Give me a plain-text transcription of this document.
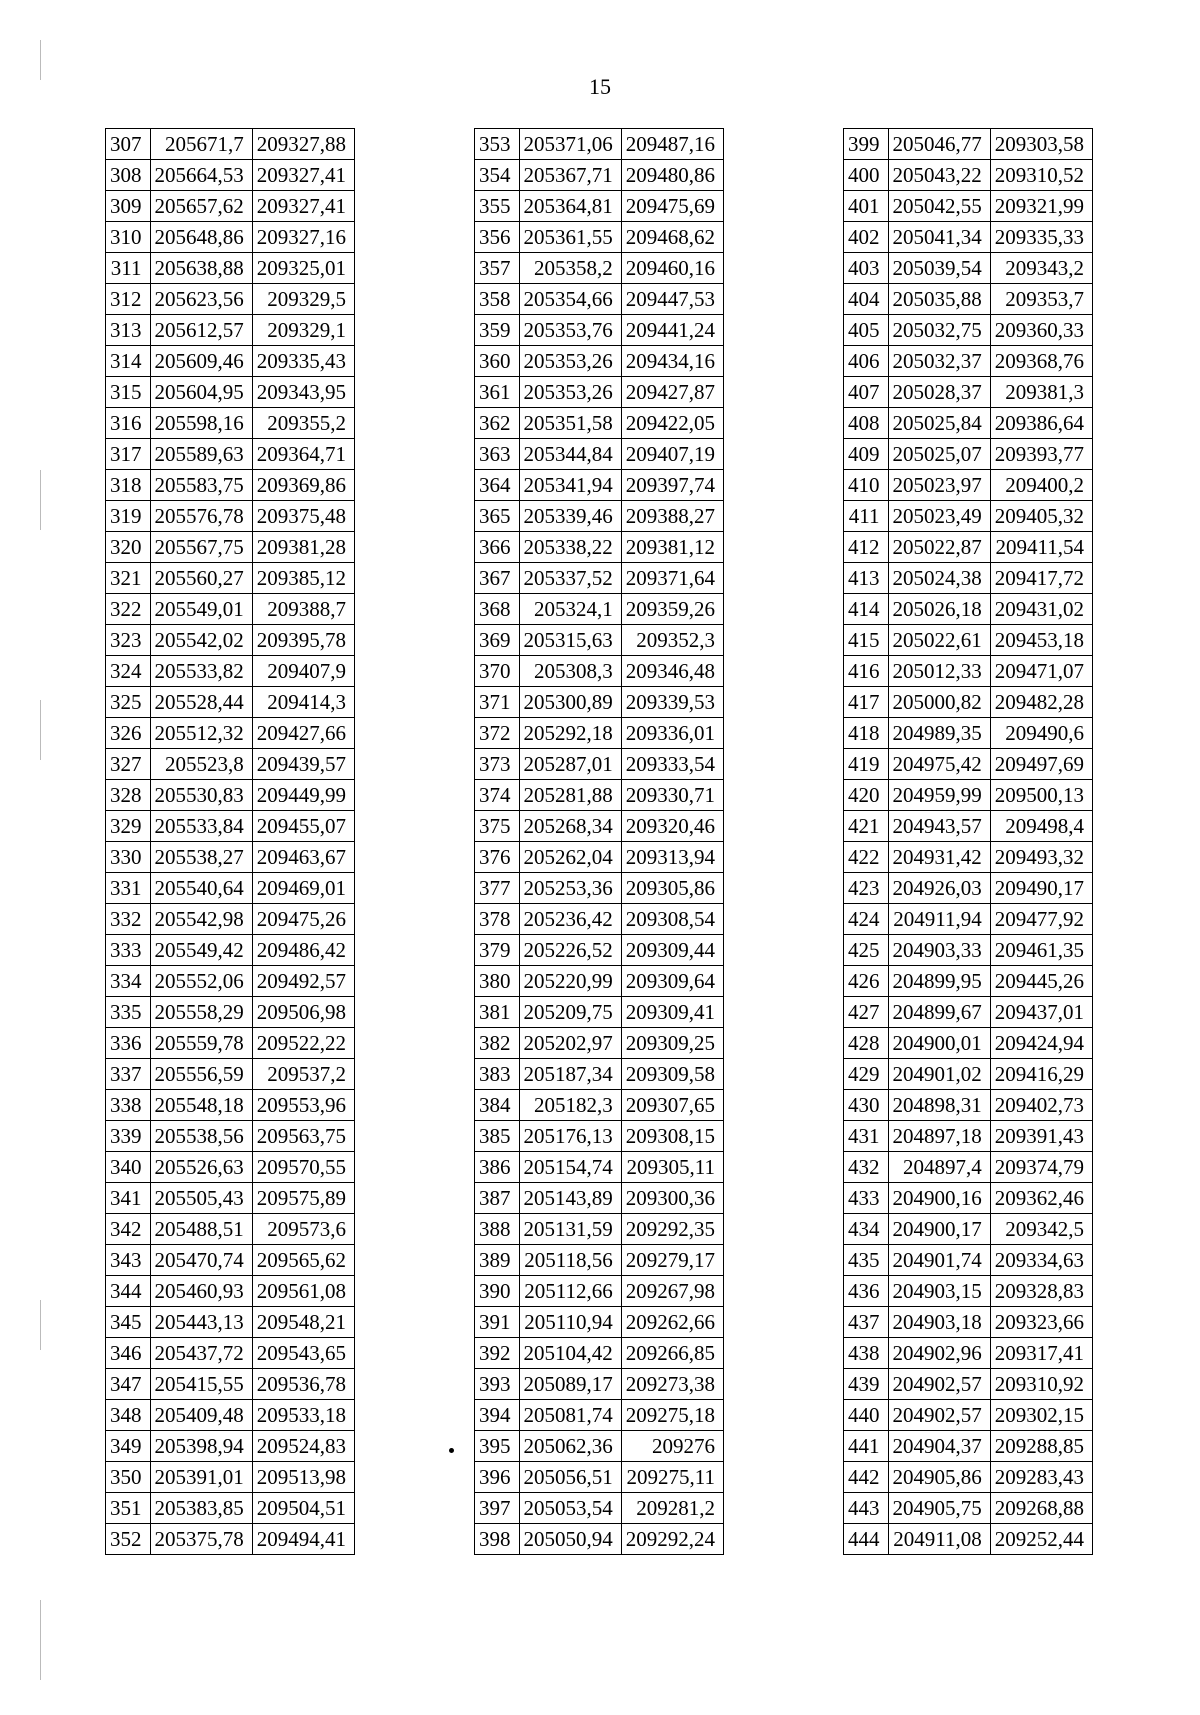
15
307	205671,7	209327,88
308	205664,53	209327,41
309	205657,62	209327,41
310	205648,86	209327,16
311	205638,88	209325,01
312	205623,56	209329,5
313	205612,57	209329,1
314	205609,46	209335,43
315	205604,95	209343,95
316	205598,16	209355,2
317	205589,63	209364,71
318	205583,75	209369,86
319	205576,78	209375,48
320	205567,75	209381,28
321	205560,27	209385,12
322	205549,01	209388,7
323	205542,02	209395,78
324	205533,82	209407,9
325	205528,44	209414,3
326	205512,32	209427,66
327	205523,8	209439,57
328	205530,83	209449,99
329	205533,84	209455,07
330	205538,27	209463,67
331	205540,64	209469,01
332	205542,98	209475,26
333	205549,42	209486,42
334	205552,06	209492,57
335	205558,29	209506,98
336	205559,78	209522,22
337	205556,59	209537,2
338	205548,18	209553,96
339	205538,56	209563,75
340	205526,63	209570,55
341	205505,43	209575,89
342	205488,51	209573,6
343	205470,74	209565,62
344	205460,93	209561,08
345	205443,13	209548,21
346	205437,72	209543,65
347	205415,55	209536,78
348	205409,48	209533,18
349	205398,94	209524,83
350	205391,01	209513,98
351	205383,85	209504,51
352	205375,78	209494,41
353	205371,06	209487,16
354	205367,71	209480,86
355	205364,81	209475,69
356	205361,55	209468,62
357	205358,2	209460,16
358	205354,66	209447,53
359	205353,76	209441,24
360	205353,26	209434,16
361	205353,26	209427,87
362	205351,58	209422,05
363	205344,84	209407,19
364	205341,94	209397,74
365	205339,46	209388,27
366	205338,22	209381,12
367	205337,52	209371,64
368	205324,1	209359,26
369	205315,63	209352,3
370	205308,3	209346,48
371	205300,89	209339,53
372	205292,18	209336,01
373	205287,01	209333,54
374	205281,88	209330,71
375	205268,34	209320,46
376	205262,04	209313,94
377	205253,36	209305,86
378	205236,42	209308,54
379	205226,52	209309,44
380	205220,99	209309,64
381	205209,75	209309,41
382	205202,97	209309,25
383	205187,34	209309,58
384	205182,3	209307,65
385	205176,13	209308,15
386	205154,74	209305,11
387	205143,89	209300,36
388	205131,59	209292,35
389	205118,56	209279,17
390	205112,66	209267,98
391	205110,94	209262,66
392	205104,42	209266,85
393	205089,17	209273,38
394	205081,74	209275,18
395	205062,36	209276
396	205056,51	209275,11
397	205053,54	209281,2
398	205050,94	209292,24
399	205046,77	209303,58
400	205043,22	209310,52
401	205042,55	209321,99
402	205041,34	209335,33
403	205039,54	209343,2
404	205035,88	209353,7
405	205032,75	209360,33
406	205032,37	209368,76
407	205028,37	209381,3
408	205025,84	209386,64
409	205025,07	209393,77
410	205023,97	209400,2
411	205023,49	209405,32
412	205022,87	209411,54
413	205024,38	209417,72
414	205026,18	209431,02
415	205022,61	209453,18
416	205012,33	209471,07
417	205000,82	209482,28
418	204989,35	209490,6
419	204975,42	209497,69
420	204959,99	209500,13
421	204943,57	209498,4
422	204931,42	209493,32
423	204926,03	209490,17
424	204911,94	209477,92
425	204903,33	209461,35
426	204899,95	209445,26
427	204899,67	209437,01
428	204900,01	209424,94
429	204901,02	209416,29
430	204898,31	209402,73
431	204897,18	209391,43
432	204897,4	209374,79
433	204900,16	209362,46
434	204900,17	209342,5
435	204901,74	209334,63
436	204903,15	209328,83
437	204903,18	209323,66
438	204902,96	209317,41
439	204902,57	209310,92
440	204902,57	209302,15
441	204904,37	209288,85
442	204905,86	209283,43
443	204905,75	209268,88
444	204911,08	209252,44
